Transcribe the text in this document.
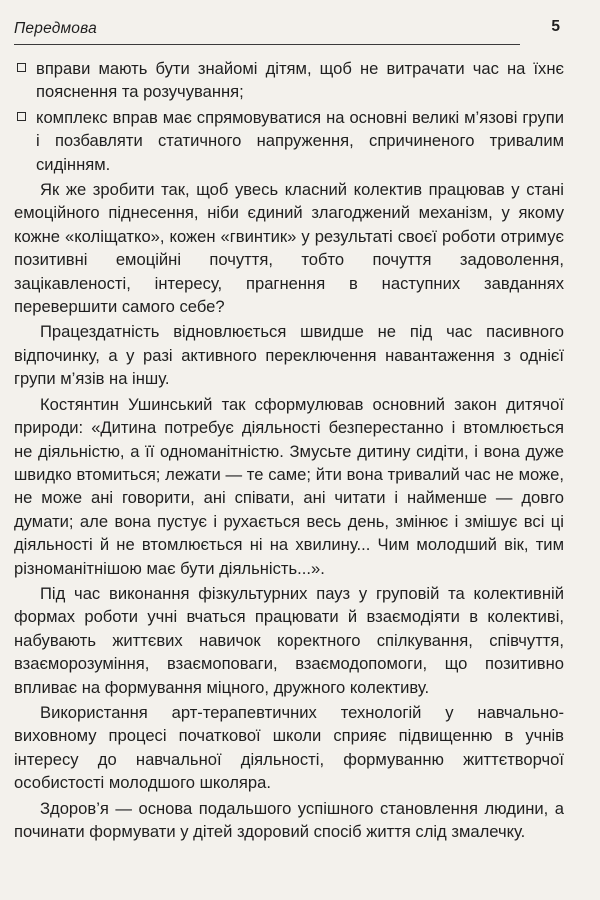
Передмова	5
вправи мають бути знайомі дітям, щоб не витрачати час на їхнє пояснення та розучування;
комплекс вправ має спрямовуватися на основні великі м’язові групи і позбавляти статичного напруження, спричиненого тривалим сидінням.

Як же зробити так, щоб увесь класний колектив працював у стані емоційного піднесення, ніби єдиний злагоджений механізм, у якому кожне «коліщатко», кожен «гвинтик» у результаті своєї роботи отримує позитивні емоційні почуття, тобто почуття задоволення, зацікавленості, інтересу, прагнення в наступних завданнях перевершити самого себе?

Працездатність відновлюється швидше не під час пасивного відпочинку, а у разі активного переключення навантаження з однієї групи м’язів на іншу.

Костянтин Ушинський так сформулював основний закон дитячої природи: «Дитина потребує діяльності безперестанно і втомлюється не діяльністю, а її одноманітністю. Змусьте дитину сидіти, і вона дуже швидко втомиться; лежати — те саме; йти вона тривалий час не може, не може ані говорити, ані співати, ані читати і найменше — довго думати; але вона пустує і рухається весь день, змінює і змішує всі ці діяльності й не втомлюється ні на хвилину... Чим молодший вік, тим різноманітнішою має бути діяльність...».

Під час виконання фізкультурних пауз у груповій та колективній формах роботи учні вчаться працювати й взаємодіяти в колективі, набувають життєвих навичок коректного спілкування, співчуття, взаєморозуміння, взаємоповаги, взаємодопомоги, що позитивно впливає на формування міцного, дружного колективу.

Використання арт-терапевтичних технологій у навчально-виховному процесі початкової школи сприяє підвищенню в учнів інтересу до навчальної діяльності, формуванню життєтворчої особистості молодшого школяра.

Здоров’я — основа подальшого успішного становлення людини, а починати формувати у дітей здоровий спосіб життя слід змалечку.
